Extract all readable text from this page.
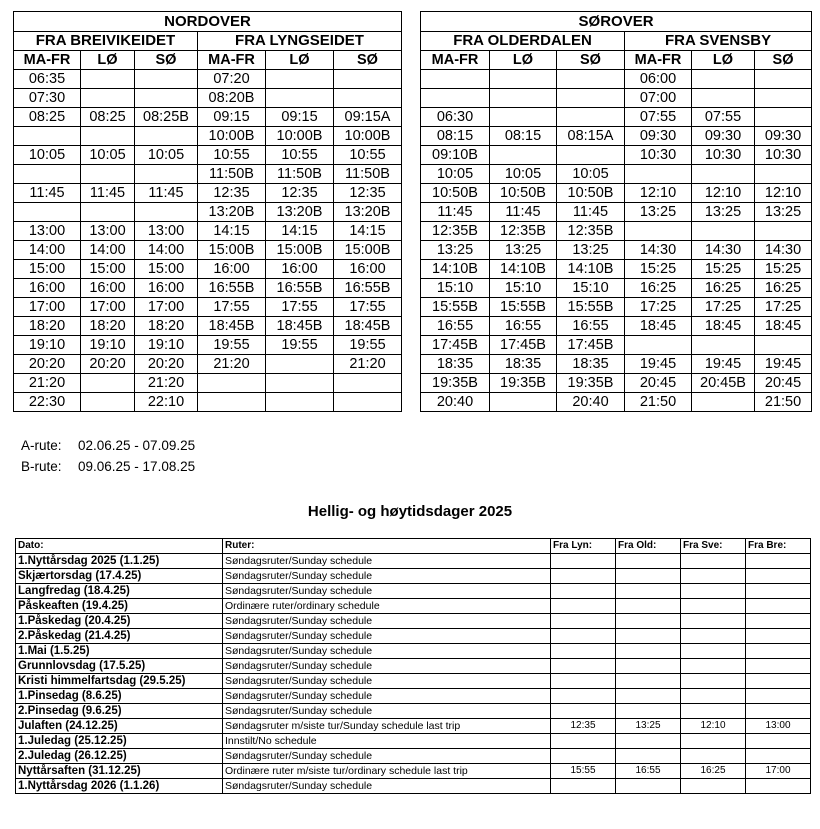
NORDOVER					
FRA BREIVIKEIDET			FRA LYNGSEIDET		
MA-FR	LØ	SØ	MA-FR	LØ	SØ
06:35			07:20		
07:30			08:20B		
08:25	08:25	08:25B	09:15	09:15	09:15A
			10:00B	10:00B	10:00B
10:05	10:05	10:05	10:55	10:55	10:55
			11:50B	11:50B	11:50B
11:45	11:45	11:45	12:35	12:35	12:35
			13:20B	13:20B	13:20B
13:00	13:00	13:00	14:15	14:15	14:15
14:00	14:00	14:00	15:00B	15:00B	15:00B
15:00	15:00	15:00	16:00	16:00	16:00
16:00	16:00	16:00	16:55B	16:55B	16:55B
17:00	17:00	17:00	17:55	17:55	17:55
18:20	18:20	18:20	18:45B	18:45B	18:45B
19:10	19:10	19:10	19:55	19:55	19:55
20:20	20:20	20:20	21:20		21:20
21:20		21:20			
22:30		22:10			
SØROVER					
FRA OLDERDALEN			FRA SVENSBY		
MA-FR	LØ	SØ	MA-FR	LØ	SØ
			06:00		
			07:00		
06:30			07:55	07:55	
08:15	08:15	08:15A	09:30	09:30	09:30
09:10B			10:30	10:30	10:30
10:05	10:05	10:05			
10:50B	10:50B	10:50B	12:10	12:10	12:10
11:45	11:45	11:45	13:25	13:25	13:25
12:35B	12:35B	12:35B			
13:25	13:25	13:25	14:30	14:30	14:30
14:10B	14:10B	14:10B	15:25	15:25	15:25
15:10	15:10	15:10	16:25	16:25	16:25
15:55B	15:55B	15:55B	17:25	17:25	17:25
16:55	16:55	16:55	18:45	18:45	18:45
17:45B	17:45B	17:45B			
18:35	18:35	18:35	19:45	19:45	19:45
19:35B	19:35B	19:35B	20:45	20:45B	20:45
20:40		20:40	21:50		21:50
A-rute: 02.06.25 - 07.09.25
B-rute: 09.06.25 - 17.08.25
Hellig- og høytidsdager 2025
Dato:	Ruter:	Fra Lyn:	Fra Old:	Fra Sve:	Fra Bre:
1.Nyttårsdag 2025 (1.1.25)	Søndagsruter/Sunday schedule				
Skjærtorsdag (17.4.25)	Søndagsruter/Sunday schedule				
Langfredag (18.4.25)	Søndagsruter/Sunday schedule				
Påskeaften (19.4.25)	Ordinære ruter/ordinary schedule				
1.Påskedag (20.4.25)	Søndagsruter/Sunday schedule				
2.Påskedag (21.4.25)	Søndagsruter/Sunday schedule				
1.Mai (1.5.25)	Søndagsruter/Sunday schedule				
Grunnlovsdag (17.5.25)	Søndagsruter/Sunday schedule				
Kristi himmelfartsdag (29.5.25)	Søndagsruter/Sunday schedule				
1.Pinsedag (8.6.25)	Søndagsruter/Sunday schedule				
2.Pinsedag (9.6.25)	Søndagsruter/Sunday schedule				
Julaften (24.12.25)	Søndagsruter m/siste tur/Sunday schedule last trip	12:35	13:25	12:10	13:00
1.Juledag (25.12.25)	Innstilt/No schedule				
2.Juledag (26.12.25)	Søndagsruter/Sunday schedule				
Nyttårsaften (31.12.25)	Ordinære ruter m/siste tur/ordinary schedule last trip	15:55	16:55	16:25	17:00
1.Nyttårsdag 2026 (1.1.26)	Søndagsruter/Sunday schedule				
